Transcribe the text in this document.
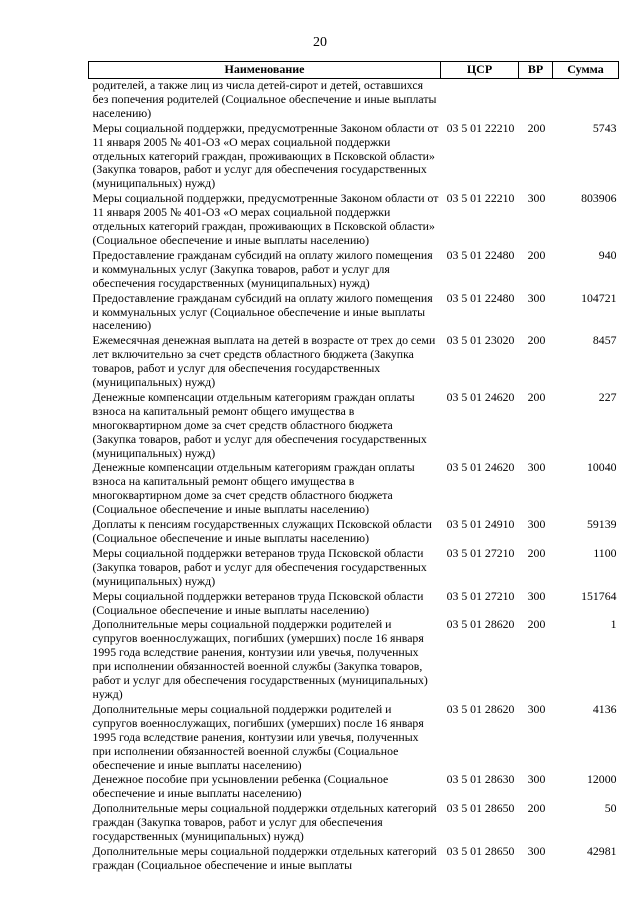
20
Наименование	ЦСР	ВР	Сумма
родителей, а также лиц из числа детей-сирот и детей, оставшихся без попечения родителей (Социальное обеспечение и иные выплаты населению)			
Меры социальной поддержки, предусмотренные Законом области от 11 января 2005 № 401-ОЗ «О мерах социальной поддержки отдельных категорий граждан, проживающих в Псковской области» (Закупка товаров, работ и услуг для обеспечения государственных (муниципальных) нужд)	03 5 01 22210	200	5743
Меры социальной поддержки, предусмотренные Законом области от 11 января 2005 № 401-ОЗ «О мерах социальной поддержки отдельных категорий граждан, проживающих в Псковской области» (Социальное обеспечение и иные выплаты населению)	03 5 01 22210	300	803906
Предоставление гражданам субсидий на оплату жилого помещения и коммунальных услуг (Закупка товаров, работ и услуг для обеспечения государственных (муниципальных) нужд)	03 5 01 22480	200	940
Предоставление гражданам субсидий на оплату жилого помещения и коммунальных услуг (Социальное обеспечение и иные выплаты населению)	03 5 01 22480	300	104721
Ежемесячная денежная выплата на детей в возрасте от трех до семи лет включительно за счет средств областного бюджета (Закупка товаров, работ и услуг для обеспечения государственных (муниципальных) нужд)	03 5 01 23020	200	8457
Денежные компенсации отдельным категориям граждан оплаты взноса на капитальный ремонт общего имущества в многоквартирном доме за счет средств областного бюджета (Закупка товаров, работ и услуг для обеспечения государственных (муниципальных) нужд)	03 5 01 24620	200	227
Денежные компенсации отдельным категориям граждан оплаты взноса на капитальный ремонт общего имущества в многоквартирном доме за счет средств областного бюджета (Социальное обеспечение и иные выплаты населению)	03 5 01 24620	300	10040
Доплаты к пенсиям государственных служащих Псковской области (Социальное обеспечение и иные выплаты населению)	03 5 01 24910	300	59139
Меры социальной поддержки ветеранов труда Псковской области (Закупка товаров, работ и услуг для обеспечения государственных (муниципальных) нужд)	03 5 01 27210	200	1100
Меры социальной поддержки ветеранов труда Псковской области (Социальное обеспечение и иные выплаты населению)	03 5 01 27210	300	151764
Дополнительные меры социальной поддержки родителей и супругов военнослужащих, погибших (умерших) после 16 января 1995 года вследствие ранения, контузии или увечья, полученных при исполнении обязанностей военной службы (Закупка товаров, работ и услуг для обеспечения государственных (муниципальных) нужд)	03 5 01 28620	200	1
Дополнительные меры социальной поддержки родителей и супругов военнослужащих, погибших (умерших) после 16 января 1995 года вследствие ранения, контузии или увечья, полученных при исполнении обязанностей военной службы (Социальное обеспечение и иные выплаты населению)	03 5 01 28620	300	4136
Денежное пособие при усыновлении ребенка (Социальное обеспечение и иные выплаты населению)	03 5 01 28630	300	12000
Дополнительные меры социальной поддержки отдельных категорий граждан (Закупка товаров, работ и услуг для обеспечения государственных (муниципальных) нужд)	03 5 01 28650	200	50
Дополнительные меры социальной поддержки отдельных категорий граждан (Социальное обеспечение и иные выплаты	03 5 01 28650	300	42981
